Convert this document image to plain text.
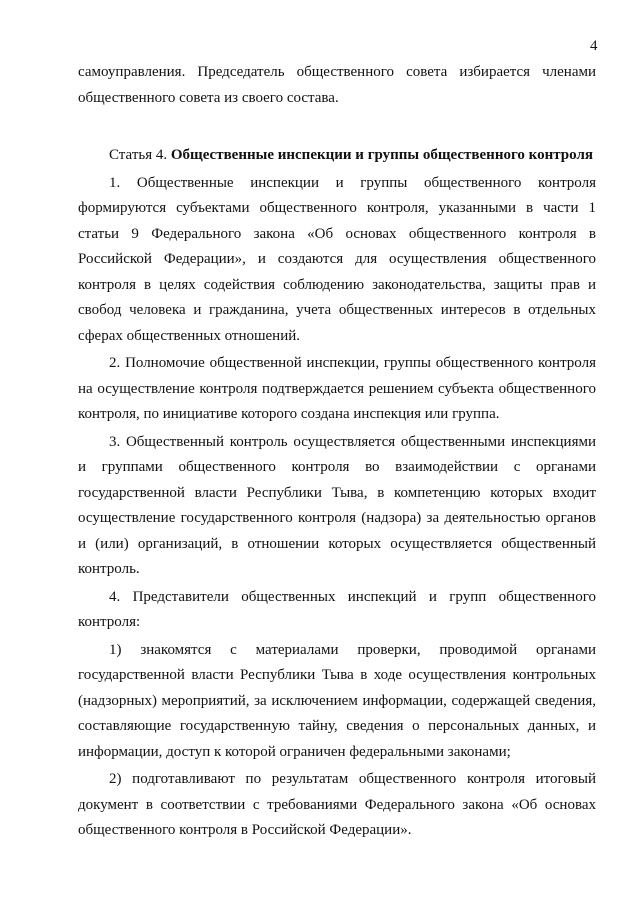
4

самоуправления. Председатель общественного совета избирается членами общественного совета из своего состава.

Статья 4. Общественные инспекции и группы общественного контроля

1. Общественные инспекции и группы общественного контроля формируются субъектами общественного контроля, указанными в части 1 статьи 9 Федерального закона «Об основах общественного контроля в Российской Федерации», и создаются для осуществления общественного контроля в целях содействия соблюдению законодательства, защиты прав и свобод человека и гражданина, учета общественных интересов в отдельных сферах общественных отношений.

2. Полномочие общественной инспекции, группы общественного контроля на осуществление контроля подтверждается решением субъекта общественного контроля, по инициативе которого создана инспекция или группа.

3. Общественный контроль осуществляется общественными инспекциями и группами общественного контроля во взаимодействии с органами государственной власти Республики Тыва, в компетенцию которых входит осуществление государственного контроля (надзора) за деятельностью органов и (или) организаций, в отношении которых осуществляется общественный контроль.

4. Представители общественных инспекций и групп общественного контроля:

1) знакомятся с материалами проверки, проводимой органами государственной власти Республики Тыва в ходе осуществления контрольных (надзорных) мероприятий, за исключением информации, содержащей сведения, составляющие государственную тайну, сведения о персональных данных, и информации, доступ к которой ограничен федеральными законами;

2) подготавливают по результатам общественного контроля итоговый документ в соответствии с требованиями Федерального закона «Об основах общественного контроля в Российской Федерации».
